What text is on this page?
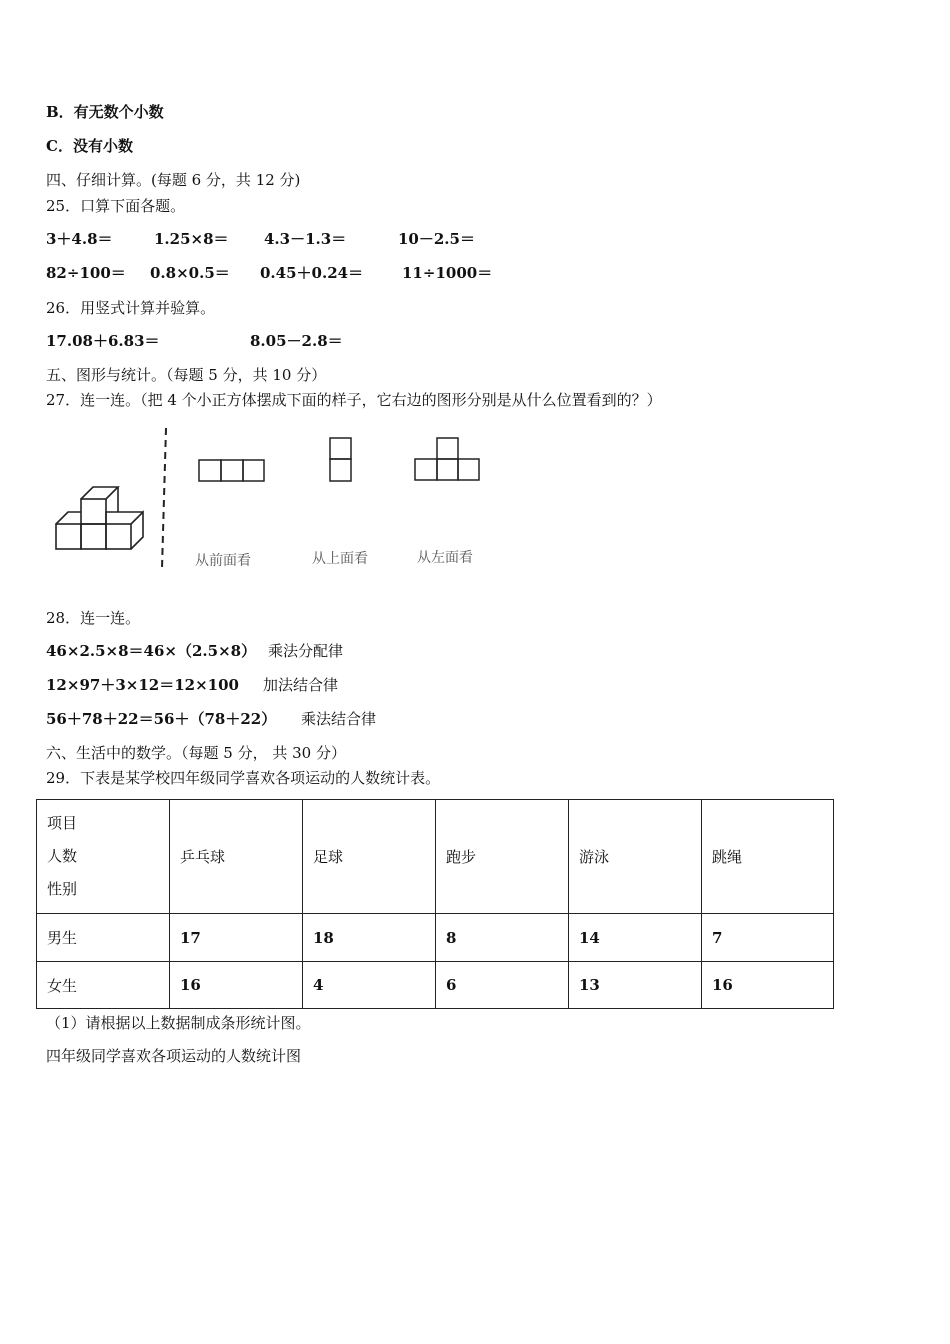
B．有无数个小数
C．没有小数
四、仔细计算。(每题 6 分，共 12 分)
25．口算下面各题。
3＋4.8＝	1.25×8＝ 4.3－1.3＝	10－2.5＝
82÷100＝ 0.8×0.5＝ 0.45＋0.24＝	11÷1000＝
26．用竖式计算并验算。
17.08＋6.83＝	8.05－2.8＝
五、图形与统计。（每题 5 分，共 10 分）
27．连一连。（把 4 个小正方体摆成下面的样子，它右边的图形分别是从什么位置看到的？）
从前面看	从上面看	从左面看
28．连一连。
46×2.5×8＝46×（2.5×8） 乘法分配律
12×97＋3×12＝12×100 加法结合律
56＋78＋22＝56＋（78＋22） 乘法结合律
六、生活中的数学。（每题 5 分， 共 30 分）
29．下表是某学校四年级同学喜欢各项运动的人数统计表。
项目
人数
性别	乒乓球	足球	跑步	游泳	跳绳
男生	17	18	8	14	7
女生	16	4	6	13	16
（1）请根据以上数据制成条形统计图。
四年级同学喜欢各项运动的人数统计图
